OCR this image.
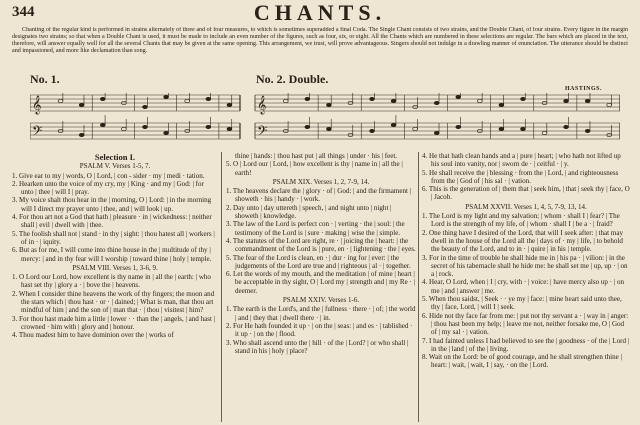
344	CHANTS.

Chanting of the regular kind is performed in strains alternately of three and of four measures, to which is sometimes superadded a final Coda. The Single Chant consists of two strains, and the Double Chant, of four strains. Every figure in the margin designates two strains; so that when a Double Chant is used, it must be made to include an even number of the figures, such as four, six, or eight. All the Chants which are numbered in these selections are regular. The bars which are placed in the text, therefore, will answer equally well for all the several Chants that may be given at the same opening. This arrangement, we trust, will prove advantageous. Singers should not indulge in a drawling manner of enunciation. The utterance should be distinct and impassioned, and more like declamation than song.

No. 1.	No. 2. Double.
HASTINGS.
𝄞
𝄢
𝄞
𝄢
Selection I.
PSALM V. Verses 1-5, 7.

1. Give ear to my | words, O | Lord, | con - sider · my | medi · tation.

2. Hearken unto the voice of my cry, my | King · and my | God: | for unto | thee | will I | pray.

3. My voice shalt thou hear in the | morning, O | Lord: | in the morning will I direct my prayer unto | thee, and | will look | up.

4. For thou art not a God that hath | pleasure · in | wickedness: | neither shall | evil | dwell with | thee.

5. The foolish shall not | stand · in thy | sight: | thou hatest all | workers | of in · | iquity.

6. But as for me, I will come into thine house in the | multitude of thy | mercy: | and in thy fear will I worship | toward thine | holy | temple.

PSALM VIII. Verses 1, 3-6, 9.

1. O Lord our Lord, how excellent is thy name in | all the | earth: | who hast set thy | glory a · | bove the | heavens.

2. When I consider thine heavens the work of thy fingers; the moon and the stars which | thou hast · or · | dained; | What is man, that thou art mindful of him | and the son of | man that · | thou | visitest | him?

3. For thou hast made him a little | lower · · than the | angels, | and hast | crowned · him with | glory and | honour.

4. Thou madest him to have dominion over the | works of

thine | hands: | thou hast put | all things | under · his | feet.

5. O | Lord our | Lord, | how excellent is thy | name in | all the | earth!

PSALM XIX. Verses 1, 2, 7-9, 14.

1. The heavens declare the | glory · of | God: | and the firmament | showeth · his | handy · | work.

2. Day unto | day uttereth | speech, | and night unto | night | showeth | knowledge.

3. The law of the Lord is perfect con · | verting · the | soul: | the testimony of the Lord is | sure · making | wise the | simple.

4. The statutes of the Lord are right, re · | joicing the | heart: | the commandment of the Lord is | pure, en · | lightening · the | eyes.

5. The fear of the Lord is clean, en · | dur · ing for | ever: | the judgements of the Lord are true and | righteous | al · | together.

6. Let the words of my mouth, and the meditation | of mine | heart | be acceptable in thy sight, O | Lord my | strength and | my Re · | deemer.

PSALM XXIV. Verses 1-6.

1. The earth is the Lord's, and the | fullness · there · | of; | the world | and | they that | dwell there · | in.

2. For He hath founded it up · | on the | seas: | and es · | tablished · it up · | on the | flood.

3. Who shall ascend unto the | hill · of the | Lord? | or who shall | stand in his | holy | place?

4. He that hath clean hands and a | pure | heart; | who hath not lifted up his soul into vanity, nor | sworn de · | ceitful · | y.

5. He shall receive the | blessing · from the | Lord, | and righteousness from the | God of | his sal · | vation.

6. This is the generation of | them that | seek him, | that | seek thy | face, O | Jacob.

PSALM XXVII. Verses 1, 4, 5, 7-9, 13, 14.

1. The Lord is my light and my salvation; | whom · shall I | fear? | The Lord is the strength of my life, of | whom · shall I | be a · | fraid?

2. One thing have I desired of the Lord, that will I seek after: | that may dwell in the house of the Lord all the | days of · my | life, | to behold the beauty of the Lord, and to in · | quire | in his | temple.

3. For in the time of trouble he shall hide me in | his pa · | vilion: | in the secret of his tabernacle shall he hide me: he shall set me | up, up · | on a | rock.

4. Hear, O Lord, when | I | cry, with · | voice: | have mercy also up · | on me | and | answer | me.

5. When thou saidst, | Seek · · ye my | face: | mine heart said unto thee, thy | face, Lord, | will I | seek.

6. Hide not thy face far from me: | put not thy servant a · | way in | anger: | thou hast been my help; | leave me not, neither forsake me, O | God of | my sal · | vation.

7. I had fainted unless I had believed to see the | goodness · of the | Lord | in the | land | of the | living.

8. Wait on the Lord: be of good courage, and he shall strengthen thine | heart: | wait, | wait, I | say, · on the | Lord.
